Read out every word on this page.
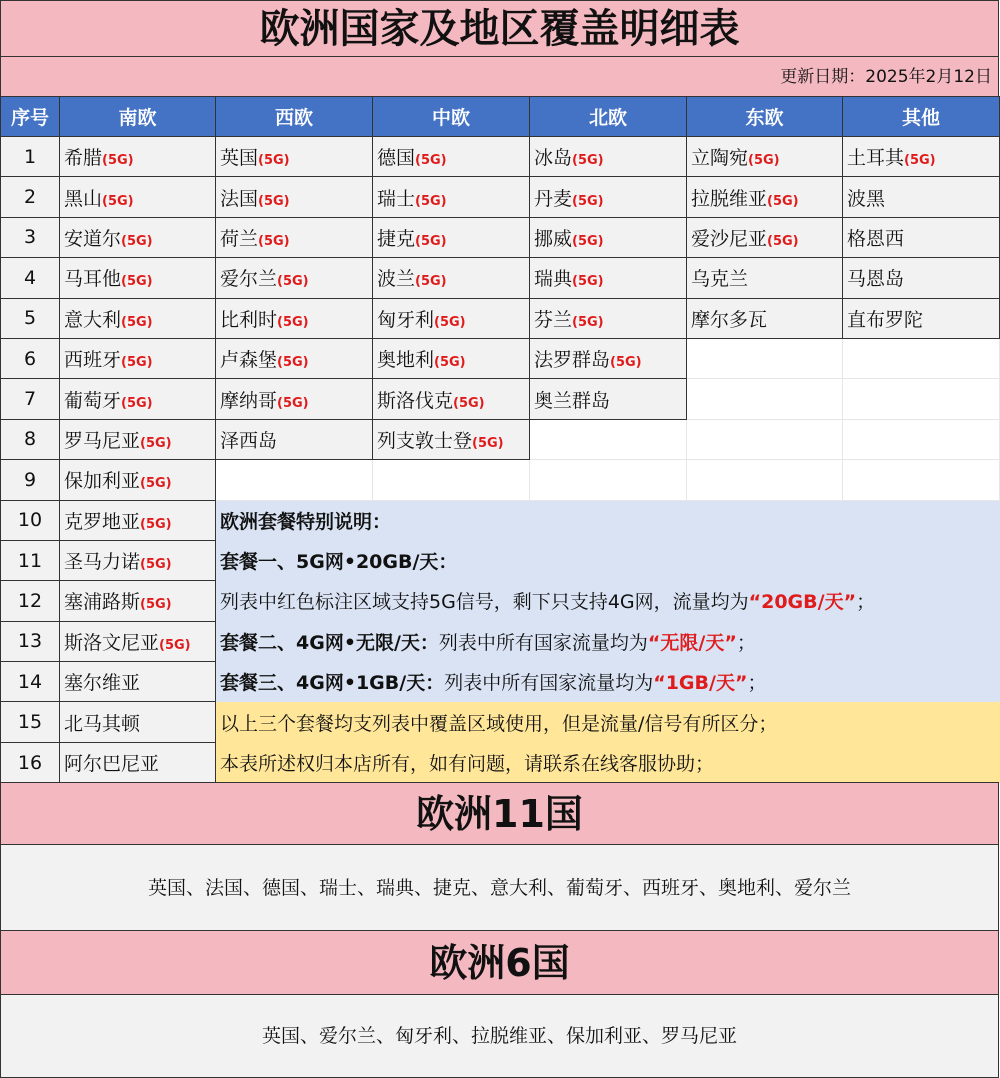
欧洲国家及地区覆盖明细表
更新日期：2025年2月12日
序号	南欧	西欧	中欧	北欧	东欧	其他
1	希腊(5G)	英国(5G)	德国(5G)	冰岛(5G)	立陶宛(5G)	土耳其(5G)
2	黑山(5G)	法国(5G)	瑞士(5G)	丹麦(5G)	拉脱维亚(5G)	波黑
3	安道尔(5G)	荷兰(5G)	捷克(5G)	挪威(5G)	爱沙尼亚(5G)	格恩西
4	马耳他(5G)	爱尔兰(5G)	波兰(5G)	瑞典(5G)	乌克兰	马恩岛
5	意大利(5G)	比利时(5G)	匈牙利(5G)	芬兰(5G)	摩尔多瓦	直布罗陀
6	西班牙(5G)	卢森堡(5G)	奥地利(5G)	法罗群岛(5G)		
7	葡萄牙(5G)	摩纳哥(5G)	斯洛伐克(5G)	奥兰群岛		
8	罗马尼亚(5G)	泽西岛	列支敦士登(5G)			
9	保加利亚(5G)					
10	克罗地亚(5G)	欧洲套餐特别说明：				
11	圣马力诺(5G)	套餐一、5G网•20GB/天：				
12	塞浦路斯(5G)	列表中红色标注区域支持5G信号，剩下只支持4G网，流量均为“20GB/天”；				
13	斯洛文尼亚(5G)	套餐二、4G网•无限/天：列表中所有国家流量均为“无限/天”；				
14	塞尔维亚	套餐三、4G网•1GB/天：列表中所有国家流量均为“1GB/天”；				
15	北马其顿	以上三个套餐均支列表中覆盖区域使用，但是流量/信号有所区分；				
16	阿尔巴尼亚	本表所述权归本店所有，如有问题，请联系在线客服协助；				
欧洲11国
英国、法国、德国、瑞士、瑞典、捷克、意大利、葡萄牙、西班牙、奥地利、爱尔兰
欧洲6国
英国、爱尔兰、匈牙利、拉脱维亚、保加利亚、罗马尼亚
